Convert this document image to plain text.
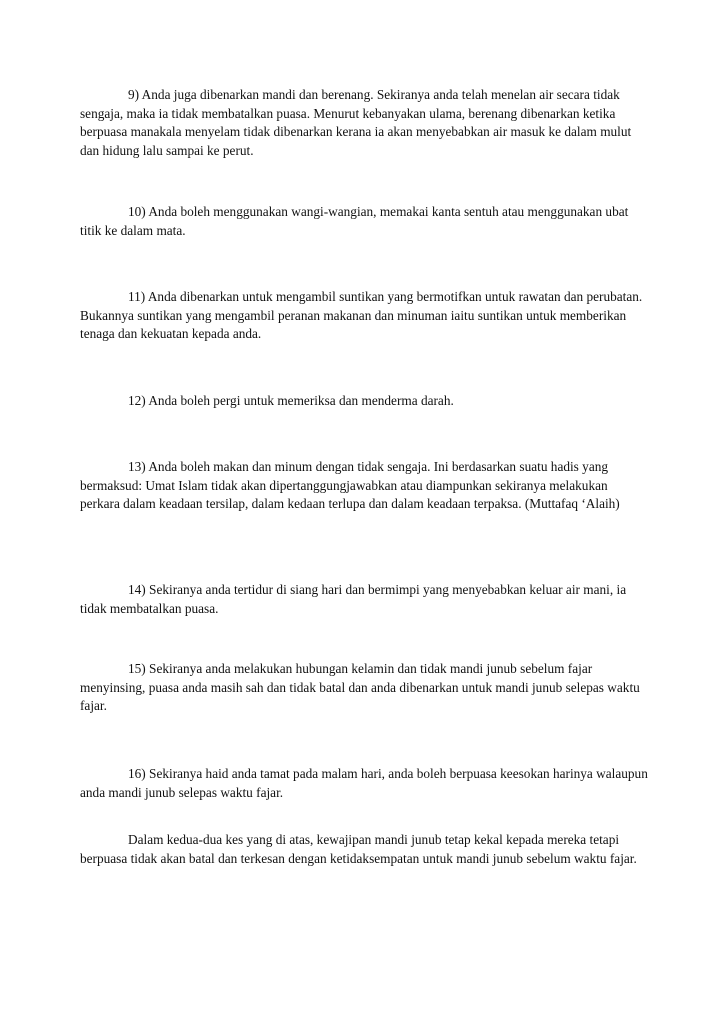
9) Anda juga dibenarkan mandi dan berenang. Sekiranya anda telah menelan air secara tidak sengaja, maka ia tidak membatalkan puasa. Menurut kebanyakan ulama, berenang dibenarkan ketika berpuasa manakala menyelam tidak dibenarkan kerana ia akan menyebabkan air masuk ke dalam mulut dan hidung lalu sampai ke perut.

10) Anda boleh menggunakan wangi-wangian, memakai kanta sentuh atau menggunakan ubat titik ke dalam mata.

11) Anda dibenarkan untuk mengambil suntikan yang bermotifkan untuk rawatan dan perubatan. Bukannya suntikan yang mengambil peranan makanan dan minuman iaitu suntikan untuk memberikan tenaga dan kekuatan kepada anda.

12) Anda boleh pergi untuk memeriksa dan menderma darah.

13) Anda boleh makan dan minum dengan tidak sengaja. Ini berdasarkan suatu hadis yang bermaksud: Umat Islam tidak akan dipertanggungjawabkan atau diampunkan sekiranya melakukan perkara dalam keadaan tersilap, dalam kedaan terlupa dan dalam keadaan terpaksa. (Muttafaq ‘Alaih)

14) Sekiranya anda tertidur di siang hari dan bermimpi yang menyebabkan keluar air mani, ia tidak membatalkan puasa.

15) Sekiranya anda melakukan hubungan kelamin dan tidak mandi junub sebelum fajar menyinsing, puasa anda masih sah dan tidak batal dan anda dibenarkan untuk mandi junub selepas waktu fajar.

16) Sekiranya haid anda tamat pada malam hari, anda boleh berpuasa keesokan harinya walaupun anda mandi junub selepas waktu fajar.

Dalam kedua-dua kes yang di atas, kewajipan mandi junub tetap kekal kepada mereka tetapi berpuasa tidak akan batal dan terkesan dengan ketidaksempatan untuk mandi junub sebelum waktu fajar.
